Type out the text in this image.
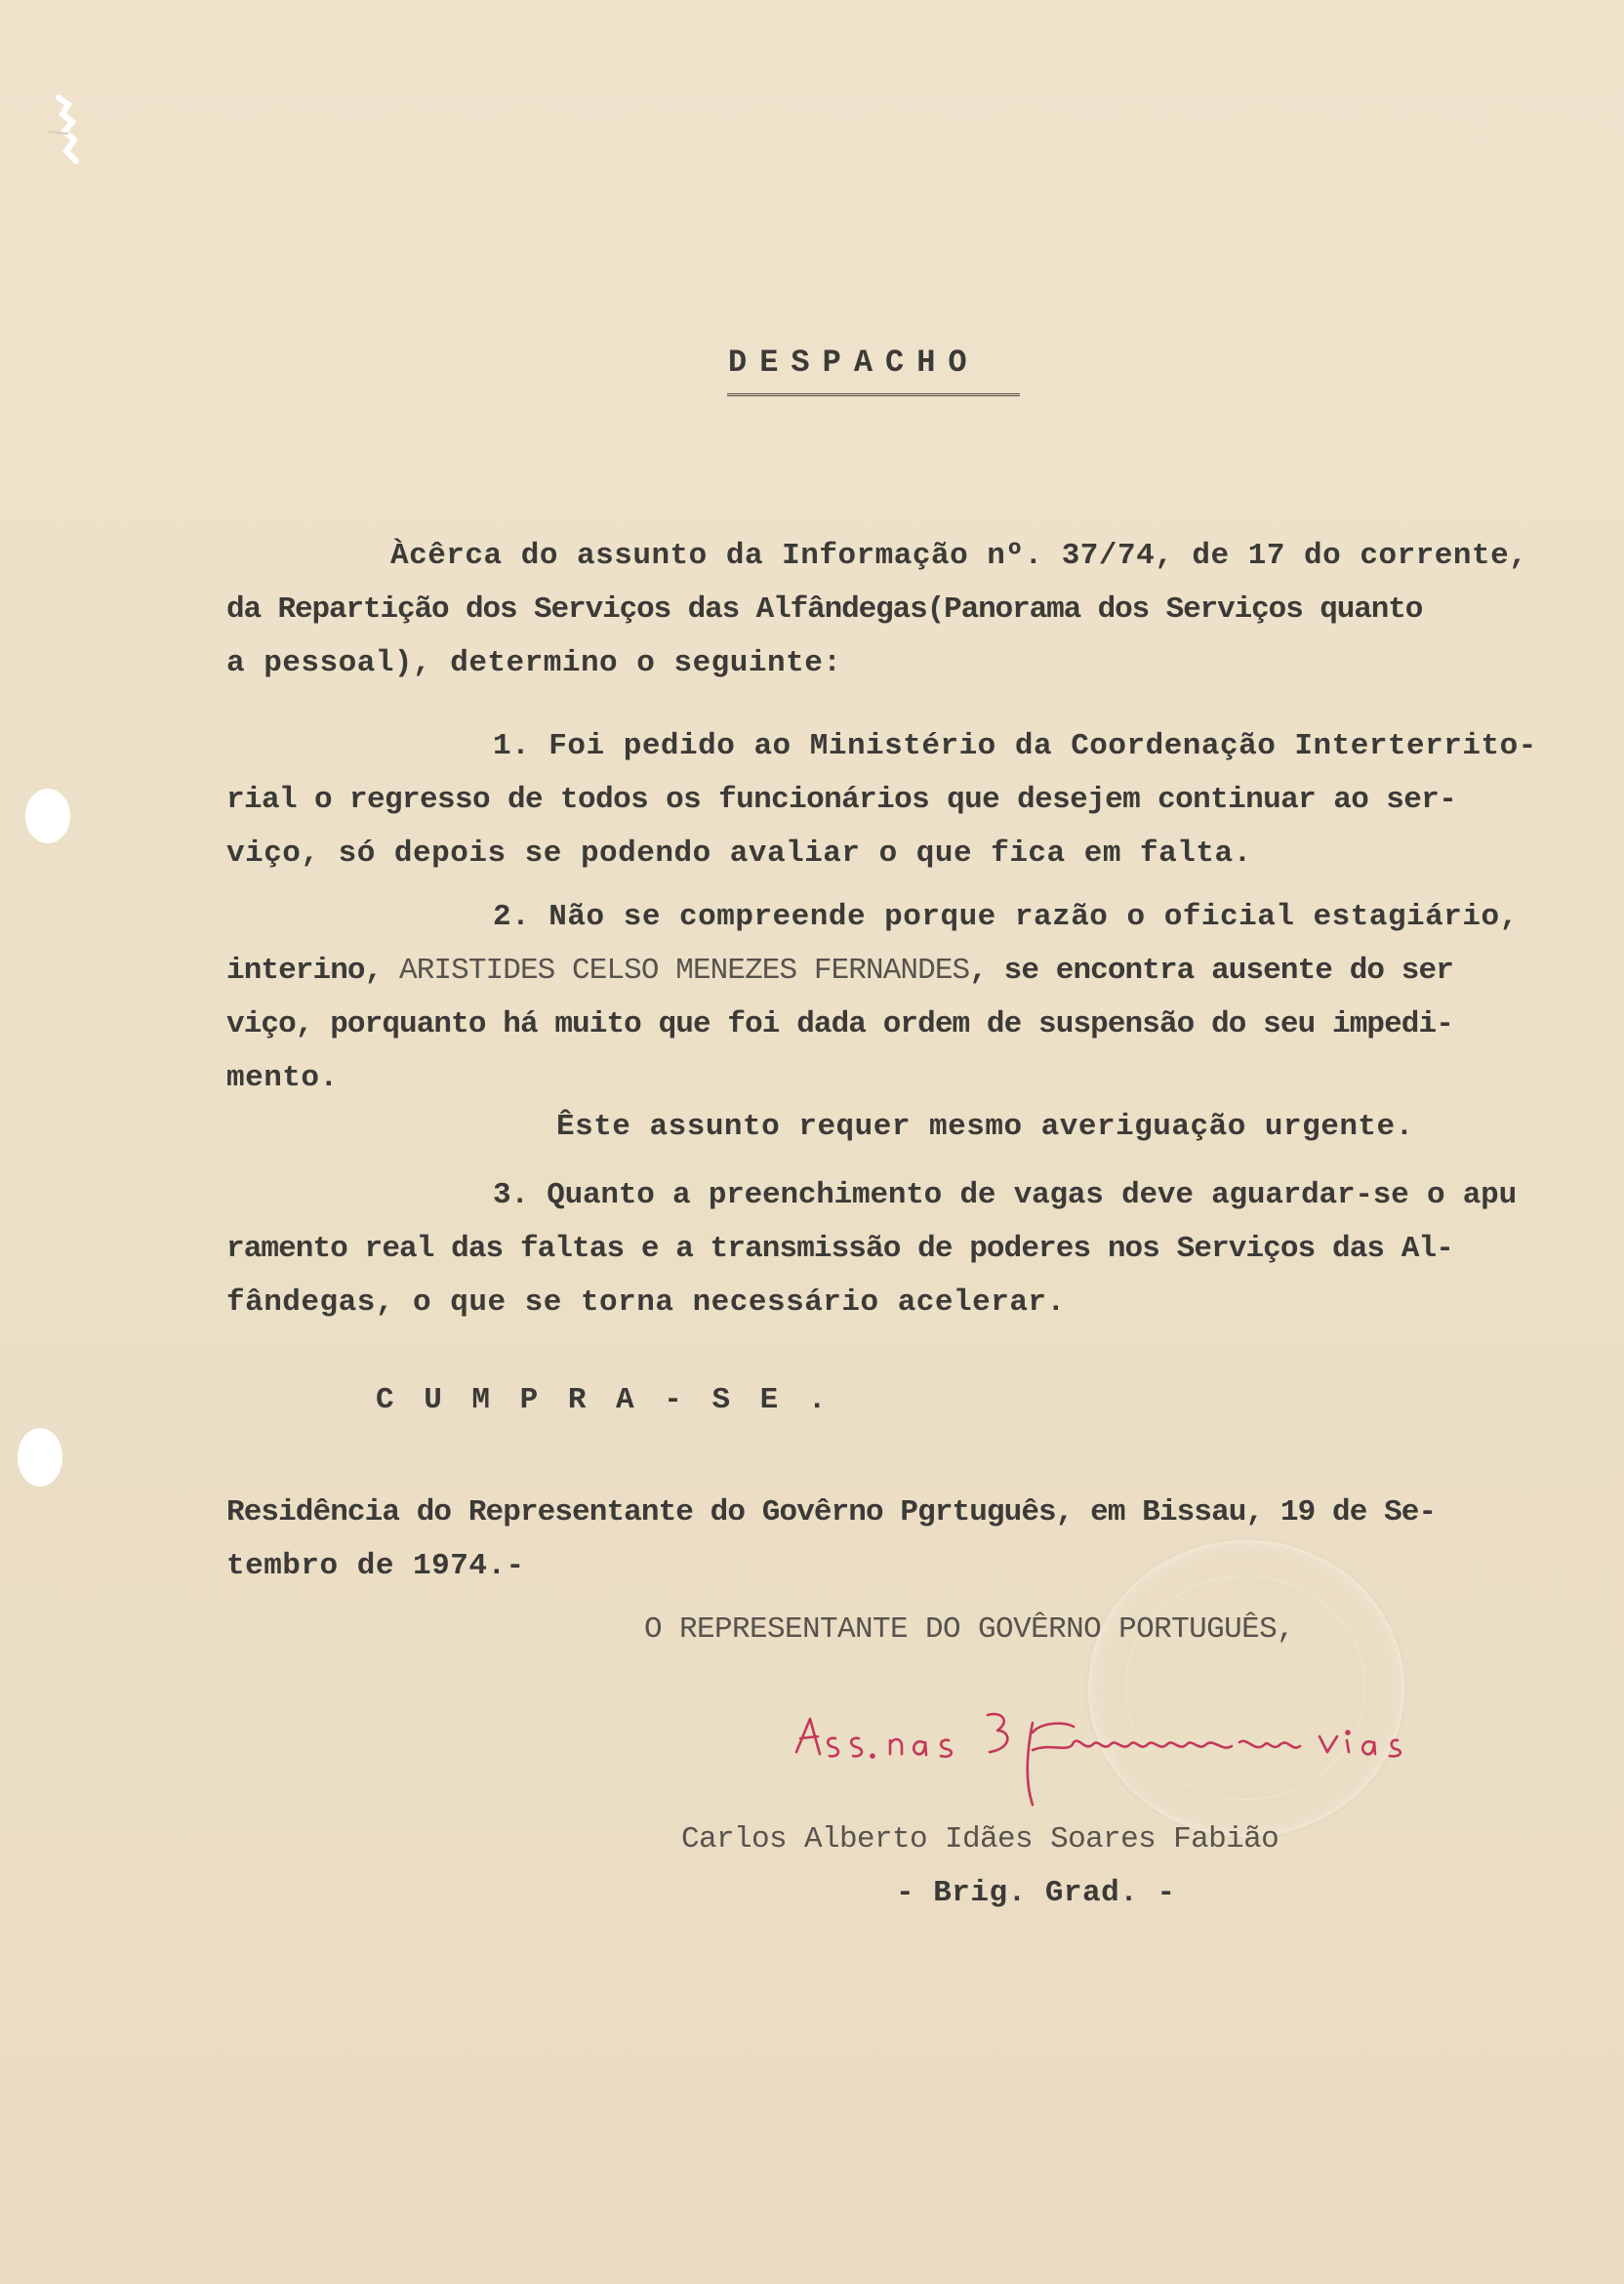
DESPACHO

Àcêrca do assunto da Informação nº. 37/74, de 17 do corrente,

da Repartição dos Serviços das Alfândegas(Panorama dos Serviços quanto

a pessoal), determino o seguinte:

1. Foi pedido ao Ministério da Coordenação Interterrito-

rial o regresso de todos os funcionários que desejem continuar ao ser-

viço, só depois se podendo avaliar o que fica em falta.

2. Não se compreende porque razão o oficial estagiário,

interino, ARISTIDES CELSO MENEZES FERNANDES, se encontra ausente do ser

viço, porquanto há muito que foi dada ordem de suspensão do seu impedi-

mento.

Êste assunto requer mesmo averiguação urgente.

3. Quanto a preenchimento de vagas deve aguardar-se o apu

ramento real das faltas e a transmissão de poderes nos Serviços das Al-

fândegas, o que se torna necessário acelerar.

C U M P R A - S E .

Residência do Representante do Govêrno Pgrtuguês, em Bissau, 19 de Se-

tembro de 1974.-

O REPRESENTANTE DO GOVÊRNO PORTUGUÊS,

Carlos Alberto Idães Soares Fabião

- Brig. Grad. -
